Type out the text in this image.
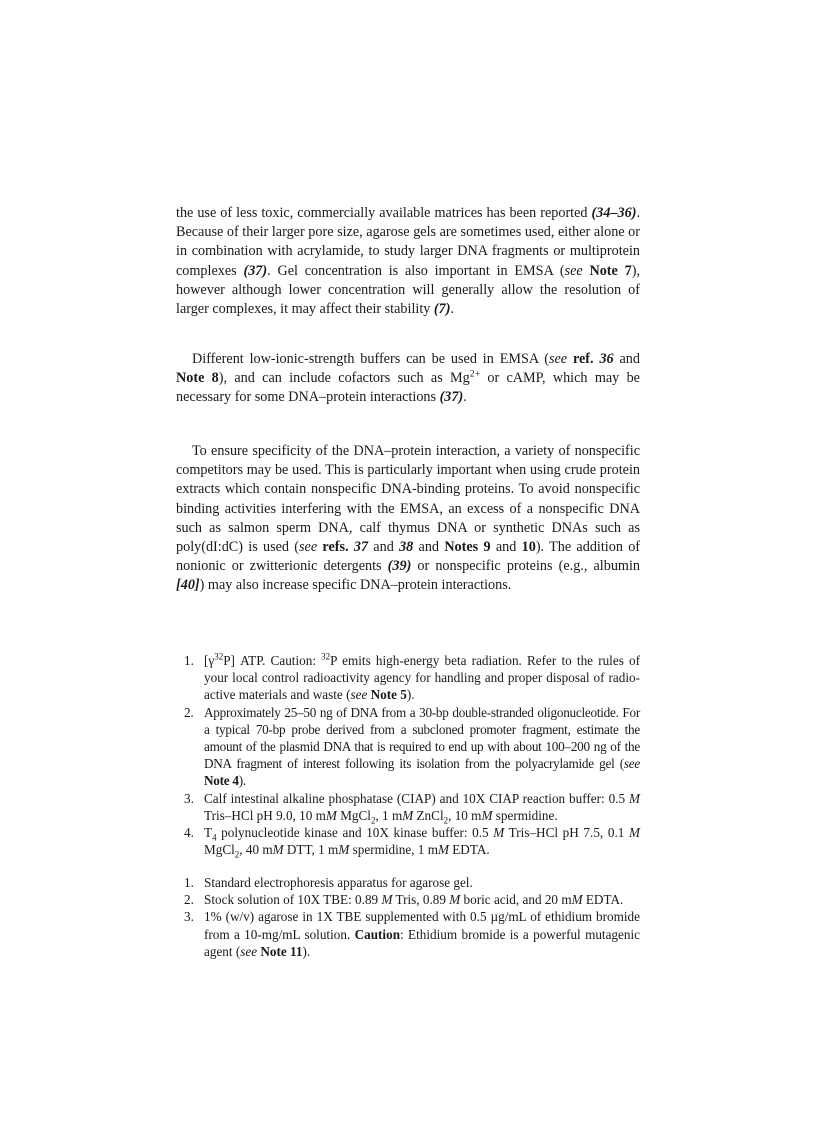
the use of less toxic, commercially available matrices has been reported (34–36). Because of their larger pore size, agarose gels are sometimes used, either alone or in combination with acrylamide, to study larger DNA fragments or multiprotein complexes (37). Gel concentration is also important in EMSA (see Note 7), however although lower concentration will generally allow the resolution of larger complexes, it may affect their stability (7).

Different low-ionic-strength buffers can be used in EMSA (see ref. 36 and Note 8), and can include cofactors such as $Mg^{2+}$ or cAMP, which may be necessary for some DNA–protein interactions (37).

To ensure specificity of the DNA–protein interaction, a variety of nonspecific competitors may be used. This is particularly important when using crude protein extracts which contain nonspecific DNA-binding proteins. To avoid nonspecific binding activities interfering with the EMSA, an excess of a nonspecific DNA such as salmon sperm DNA, calf thymus DNA or synthetic DNAs such as poly(dI:dC) is used (see refs. 37 and 38 and Notes 9 and 10). The addition of nonionic or zwitterionic detergents (39) or nonspecific proteins (e.g., albumin [40]) may also increase specific DNA–protein interactions.

1. $[\gamma^{32}P]$ ATP. Caution: $^{32}$P emits high-energy beta radiation. Refer to the rules of your local control radioactivity agency for handling and proper disposal of radioactive materials and waste (see Note 5).
2. Approximately 25–50 ng of DNA from a 30-bp double-stranded oligonucleotide. For a typical 70-bp probe derived from a subcloned promoter fragment, estimate the amount of the plasmid DNA that is required to end up with about 100–200 ng of the DNA fragment of interest following its isolation from the polyacrylamide gel (see Note 4).
3. Calf intestinal alkaline phosphatase (CIAP) and 10X CIAP reaction buffer: 0.5 M Tris–HCl pH 9.0, 10 mM MgCl$_2$, 1 mM ZnCl$_2$, 10 mM spermidine.
4. $T_4$ polynucleotide kinase and 10X kinase buffer: 0.5 M Tris–HCl pH 7.5, 0.1 M MgCl$_2$, 40 mM DTT, 1 mM spermidine, 1 mM EDTA.
1. Standard electrophoresis apparatus for agarose gel.
2. Stock solution of 10X TBE: 0.89 M Tris, 0.89 M boric acid, and 20 mM EDTA.
3. 1% (w/v) agarose in 1X TBE supplemented with 0.5 µg/mL of ethidium bromide from a 10-mg/mL solution. Caution: Ethidium bromide is a powerful mutagenic agent (see Note 11).
